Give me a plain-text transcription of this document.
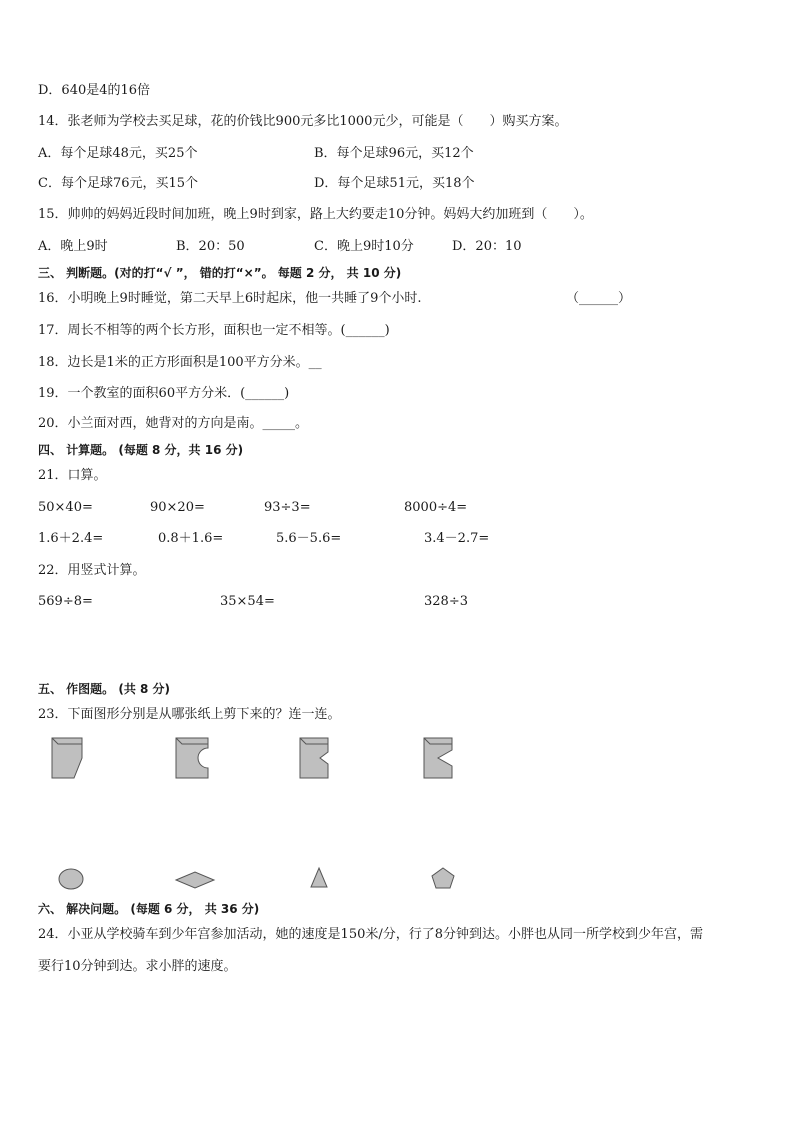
D．640是4的16倍
14．张老师为学校去买足球，花的价钱比900元多比1000元少，可能是（　　）购买方案。
A．每个足球48元，买25个	B．每个足球96元，买12个
C．每个足球76元，买15个	D．每个足球51元，买18个
15．帅帅的妈妈近段时间加班，晚上9时到家，路上大约要走10分钟。妈妈大约加班到（　　）。
A．晚上9时	B．20：50	C．晚上9时10分	D．20：10
三、 判断题。(对的打“√ ”， 错的打“×”。 每题 2 分， 共 10 分)
16．小明晚上9时睡觉，第二天早上6时起床，他一共睡了9个小时.	（______）
17．周长不相等的两个长方形，面积也一定不相等。(______)
18．边长是1米的正方形面积是100平方分米。__
19．一个教室的面积60平方分米．(______)
20．小兰面对西，她背对的方向是南。_____。
四、 计算题。 (每题 8 分，共 16 分)
21．口算。
50×40=	90×20=	93÷3=	8000÷4=
1.6＋2.4=	0.8＋1.6=	5.6－5.6=	3.4－2.7=
22．用竖式计算。
569÷8=	35×54=	328÷3
五、 作图题。 (共 8 分)
23．下面图形分别是从哪张纸上剪下来的？连一连。
六、 解决问题。 (每题 6 分， 共 36 分)
24．小亚从学校骑车到少年宫参加活动，她的速度是150米/分，行了8分钟到达。小胖也从同一所学校到少年宫，需
要行10分钟到达。求小胖的速度。
